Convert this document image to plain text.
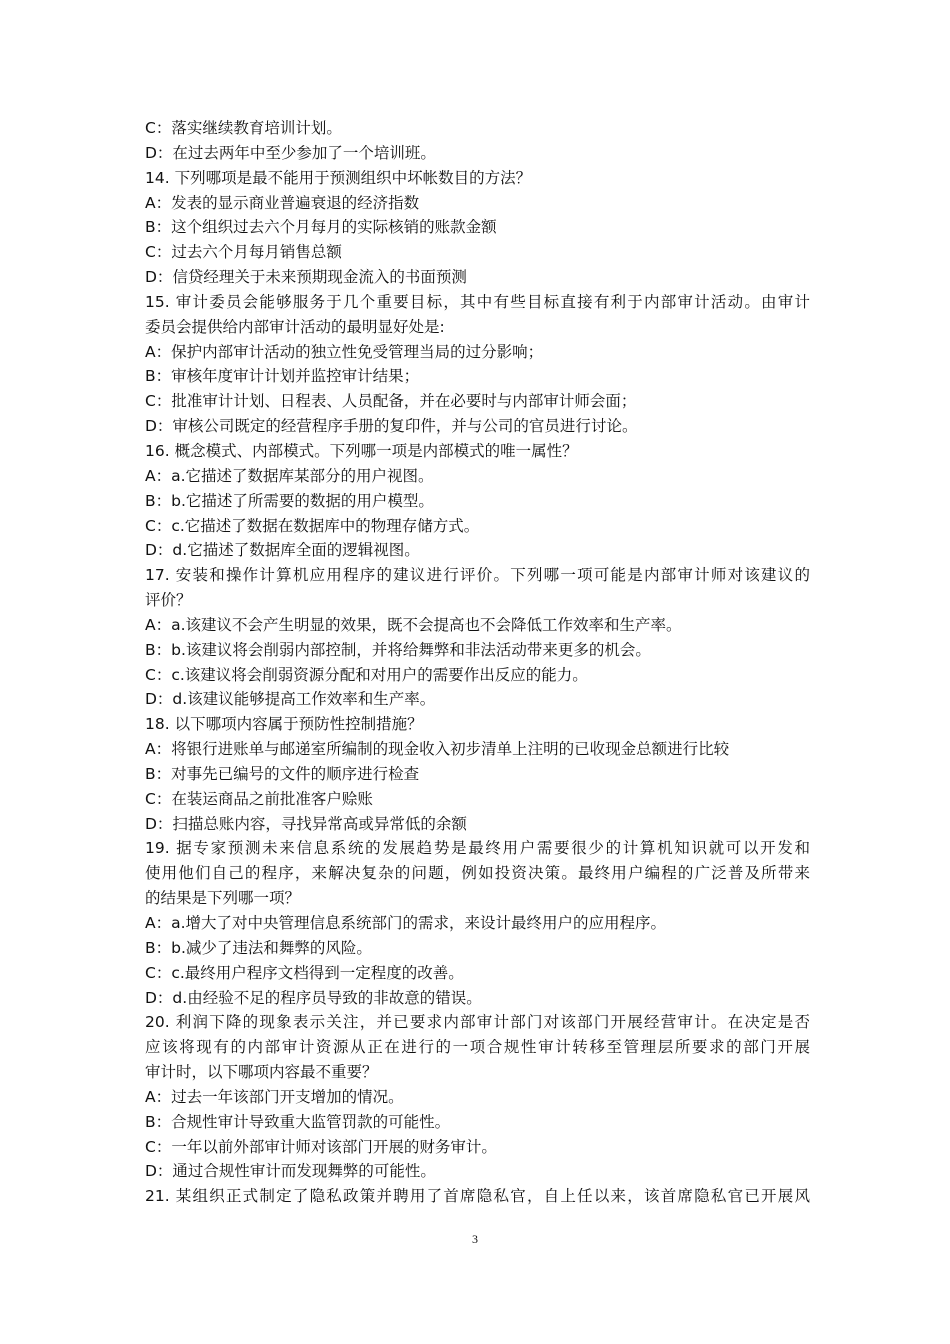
C：落实继续教育培训计划。
D：在过去两年中至少参加了一个培训班。
14. 下列哪项是最不能用于预测组织中坏帐数目的方法？
A：发表的显示商业普遍衰退的经济指数
B：这个组织过去六个月每月的实际核销的账款金额
C：过去六个月每月销售总额
D：信贷经理关于未来预期现金流入的书面预测
15. 审计委员会能够服务于几个重要目标，其中有些目标直接有利于内部审计活动。由审计
委员会提供给内部审计活动的最明显好处是:
A：保护内部审计活动的独立性免受管理当局的过分影响；
B：审核年度审计计划并监控审计结果；
C：批准审计计划、日程表、人员配备，并在必要时与内部审计师会面；
D：审核公司既定的经营程序手册的复印件，并与公司的官员进行讨论。
16. 概念模式、内部模式。下列哪一项是内部模式的唯一属性？
A：a.它描述了数据库某部分的用户视图。
B：b.它描述了所需要的数据的用户模型。
C：c.它描述了数据在数据库中的物理存储方式。
D：d.它描述了数据库全面的逻辑视图。
17. 安装和操作计算机应用程序的建议进行评价。下列哪一项可能是内部审计师对该建议的
评价？
A：a.该建议不会产生明显的效果，既不会提高也不会降低工作效率和生产率。
B：b.该建议将会削弱内部控制，并将给舞弊和非法活动带来更多的机会。
C：c.该建议将会削弱资源分配和对用户的需要作出反应的能力。
D：d.该建议能够提高工作效率和生产率。
18. 以下哪项内容属于预防性控制措施？
A：将银行进账单与邮递室所编制的现金收入初步清单上注明的已收现金总额进行比较
B：对事先已编号的文件的顺序进行检查
C：在装运商品之前批准客户赊账
D：扫描总账内容，寻找异常高或异常低的余额
19. 据专家预测未来信息系统的发展趋势是最终用户需要很少的计算机知识就可以开发和
使用他们自己的程序，来解决复杂的问题，例如投资决策。最终用户编程的广泛普及所带来
的结果是下列哪一项？
A：a.增大了对中央管理信息系统部门的需求，来设计最终用户的应用程序。
B：b.减少了违法和舞弊的风险。
C：c.最终用户程序文档得到一定程度的改善。
D：d.由经验不足的程序员导致的非故意的错误。
20. 利润下降的现象表示关注，并已要求内部审计部门对该部门开展经营审计。在决定是否
应该将现有的内部审计资源从正在进行的一项合规性审计转移至管理层所要求的部门开展
审计时，以下哪项内容最不重要？
A：过去一年该部门开支增加的情况。
B：合规性审计导致重大监管罚款的可能性。
C：一年以前外部审计师对该部门开展的财务审计。
D：通过合规性审计而发现舞弊的可能性。
21. 某组织正式制定了隐私政策并聘用了首席隐私官，自上任以来，该首席隐私官已开展风
3
